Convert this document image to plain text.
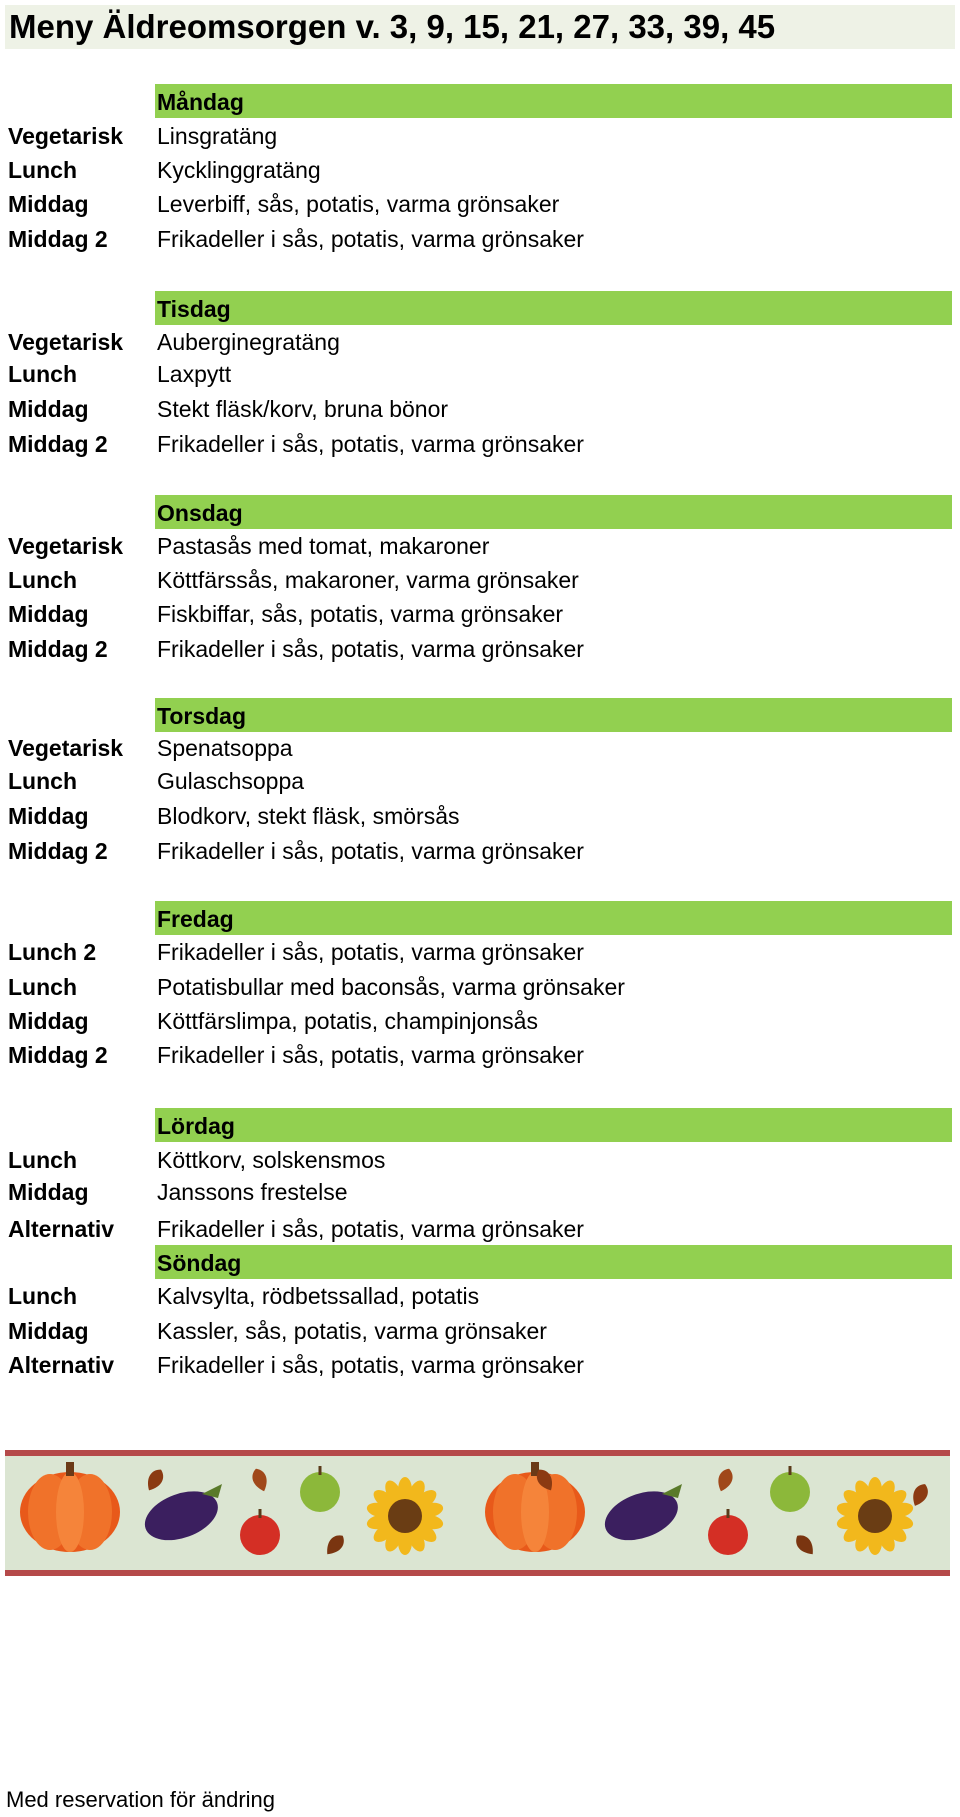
Meny Äldreomsorgen v. 3, 9, 15, 21, 27, 33, 39, 45
Måndag
Vegetarisk Linsgratäng
Lunch	Kycklinggratäng
Middag	Leverbiff, sås, potatis, varma grönsaker
Middag 2 Frikadeller i sås, potatis, varma grönsaker
Tisdag
Vegetarisk Auberginegratäng
Lunch	Laxpytt
Middag	Stekt fläsk/korv, bruna bönor
Middag 2 Frikadeller i sås, potatis, varma grönsaker
Onsdag
Vegetarisk Pastasås med tomat, makaroner
Lunch	Köttfärssås, makaroner, varma grönsaker
Middag	Fiskbiffar, sås, potatis, varma grönsaker
Middag 2 Frikadeller i sås, potatis, varma grönsaker
Torsdag
Vegetarisk Spenatsoppa
Lunch	Gulaschsoppa
Middag	Blodkorv, stekt fläsk, smörsås
Middag 2 Frikadeller i sås, potatis, varma grönsaker
Fredag
Lunch 2	Frikadeller i sås, potatis, varma grönsaker
Lunch	Potatisbullar med baconsås, varma grönsaker
Middag	Köttfärslimpa, potatis, champinjonsås
Middag 2 Frikadeller i sås, potatis, varma grönsaker
Lördag
Lunch	Köttkorv, solskensmos
Middag	Janssons frestelse
Alternativ Frikadeller i sås, potatis, varma grönsaker
Söndag
Lunch	Kalvsylta, rödbetssallad, potatis
Middag	Kassler, sås, potatis, varma grönsaker
Alternativ Frikadeller i sås, potatis, varma grönsaker
Med reservation för ändring
